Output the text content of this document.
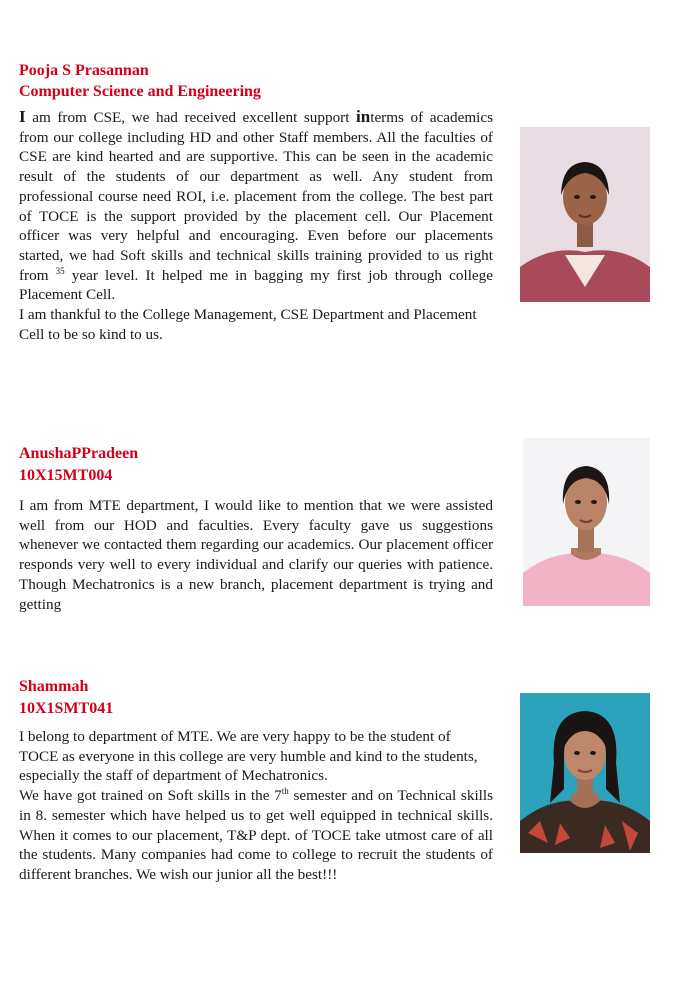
Pooja S Prasannan
Computer Science and Engineering

I am from CSE, we had received excellent support interms of academics from our college including HD and other Staff members. All the faculties of CSE are kind hearted and are supportive. This can be seen in the academic result of the students of our department as well. Any student from professional course need ROI, i.e. placement from the college. The best part of TOCE is the support provided by the placement cell. Our Placement officer was very helpful and encouraging. Even before our placements started, we had Soft skills and technical skills training provided to us right from $^{35}$ year level. It helped me in bagging my first job through college Placement Cell.

I am thankful to the College Management, CSE Department and Placement Cell to be so kind to us.

AnushaPPradeen
10X15MT004

I am from MTE department, I would like to mention that we were assisted well from our HOD and faculties. Every faculty gave us suggestions whenever we contacted them regarding our academics. Our placement officer responds very well to every individual and clarify our queries with patience. Though Mechatronics is a new branch, placement department is trying and getting

Shammah
10X1SMT041

I belong to department of MTE. We are very happy to be the student of TOCE as everyone in this college are very humble and kind to the students, especially the staff of department of Mechatronics.

We have got trained on Soft skills in the 7th semester and on Technical skills in 8. semester which have helped us to get well equipped in technical skills. When it comes to our placement, T&P dept. of TOCE take utmost care of all the students. Many companies had come to college to recruit the students of different branches. We wish our junior all the best!!!
